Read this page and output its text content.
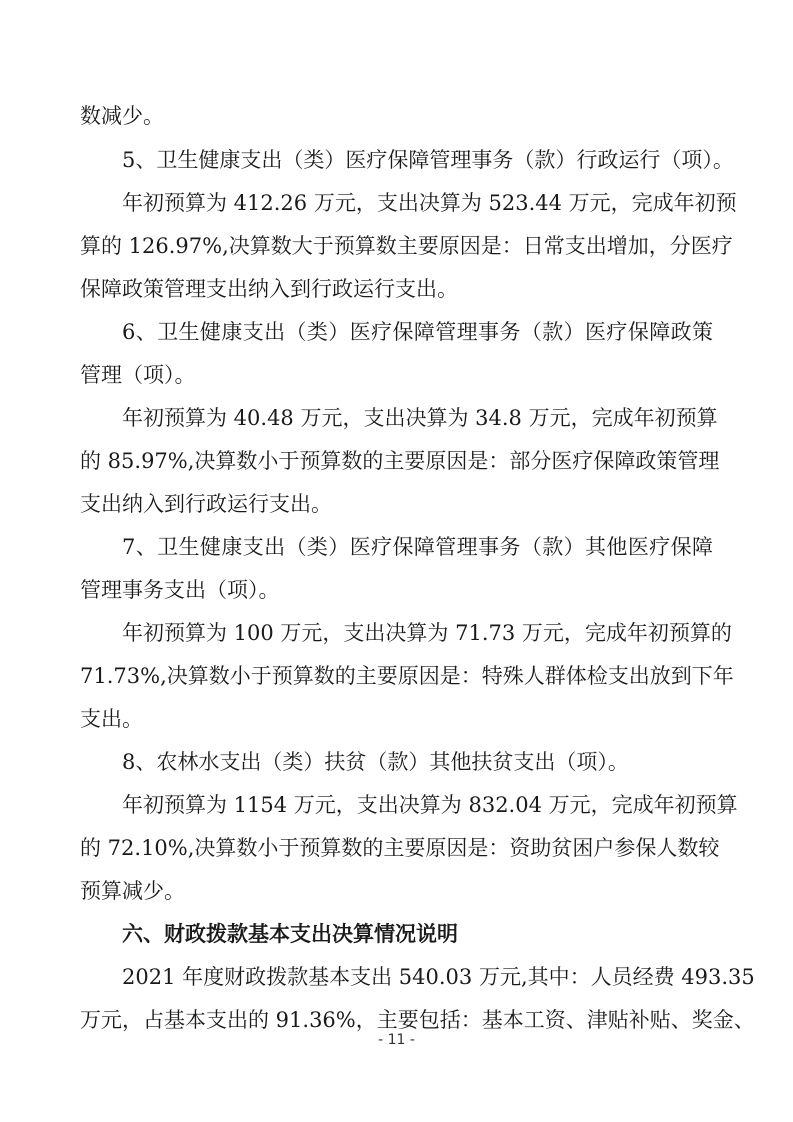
数减少。
5、卫生健康支出（类）医疗保障管理事务（款）行政运行（项）。
年初预算为 412.26 万元，支出决算为 523.44 万元，完成年初预
算的 126.97%,决算数大于预算数主要原因是：日常支出增加，分医疗
保障政策管理支出纳入到行政运行支出。
6、卫生健康支出（类）医疗保障管理事务（款）医疗保障政策
管理（项）。
年初预算为 40.48 万元，支出决算为 34.8 万元，完成年初预算
的 85.97%,决算数小于预算数的主要原因是：部分医疗保障政策管理
支出纳入到行政运行支出。
7、卫生健康支出（类）医疗保障管理事务（款）其他医疗保障
管理事务支出（项）。
年初预算为 100 万元，支出决算为 71.73 万元，完成年初预算的
71.73%,决算数小于预算数的主要原因是：特殊人群体检支出放到下年
支出。
8、农林水支出（类）扶贫（款）其他扶贫支出（项）。
年初预算为 1154 万元，支出决算为 832.04 万元，完成年初预算
的 72.10%,决算数小于预算数的主要原因是：资助贫困户参保人数较
预算减少。
六、财政拨款基本支出决算情况说明
2021 年度财政拨款基本支出 540.03 万元,其中：人员经费 493.35
万元，占基本支出的 91.36%，主要包括：基本工资、津贴补贴、奖金、
- 11 -
